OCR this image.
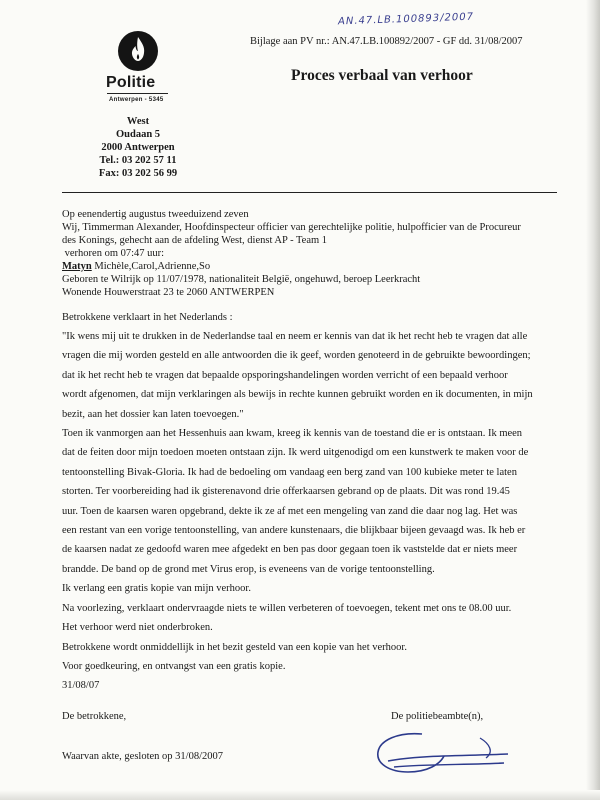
AN.47.LB.100893/2007
Bijlage aan PV nr.: AN.47.LB.100892/2007 - GF dd. 31/08/2007
Proces verbaal van verhoor
Politie
Antwerpen - 5345
West
Oudaan 5
2000 Antwerpen
Tel.: 03 202 57 11
Fax: 03 202 56 99

Op eenendertig augustus tweeduizend zeven

Wij, Timmerman Alexander, Hoofdinspecteur officier van gerechtelijke politie, hulpofficier van de Procureur

des Konings, gehecht aan de afdeling West, dienst AP - Team 1

verhoren om 07:47 uur:

Matyn Michèle,Carol,Adrienne,So

Geboren te Wilrijk op 11/07/1978, nationaliteit België, ongehuwd, beroep Leerkracht

Wonende Houwerstraat 23 te 2060 ANTWERPEN

Betrokkene verklaart in het Nederlands :

"Ik wens mij uit te drukken in de Nederlandse taal en neem er kennis van dat ik het recht heb te vragen dat alle

vragen die mij worden gesteld en alle antwoorden die ik geef, worden genoteerd in de gebruikte bewoordingen;

dat ik het recht heb te vragen dat bepaalde opsporingshandelingen worden verricht of een bepaald verhoor

wordt afgenomen, dat mijn verklaringen als bewijs in rechte kunnen gebruikt worden en ik documenten, in mijn

bezit, aan het dossier kan laten toevoegen."

Toen ik vanmorgen aan het Hessenhuis aan kwam, kreeg ik kennis van de toestand die er is ontstaan. Ik meen

dat de feiten door mijn toedoen moeten ontstaan zijn. Ik werd uitgenodigd om een kunstwerk te maken voor de

tentoonstelling Bivak-Gloria. Ik had de bedoeling om vandaag een berg zand van 100 kubieke meter te laten

storten. Ter voorbereiding had ik gisterenavond drie offerkaarsen gebrand op de plaats. Dit was rond 19.45

uur. Toen de kaarsen waren opgebrand, dekte ik ze af met een mengeling van zand die daar nog lag. Het was

een restant van een vorige tentoonstelling, van andere kunstenaars, die blijkbaar bijeen gevaagd was. Ik heb er

de kaarsen nadat ze gedoofd waren mee afgedekt en ben pas door gegaan toen ik vaststelde dat er niets meer

brandde. De band op de grond met Virus erop, is eveneens van de vorige tentoonstelling.

Ik verlang een gratis kopie van mijn verhoor.

Na voorlezing, verklaart ondervraagde niets te willen verbeteren of toevoegen, tekent met ons te 08.00 uur.

Het verhoor werd niet onderbroken.

Betrokkene wordt onmiddellijk in het bezit gesteld van een kopie van het verhoor.

Voor goedkeuring, en ontvangst van een gratis kopie.

31/08/07

De betrokkene,	De politiebeambte(n),
Waarvan akte, gesloten op 31/08/2007
